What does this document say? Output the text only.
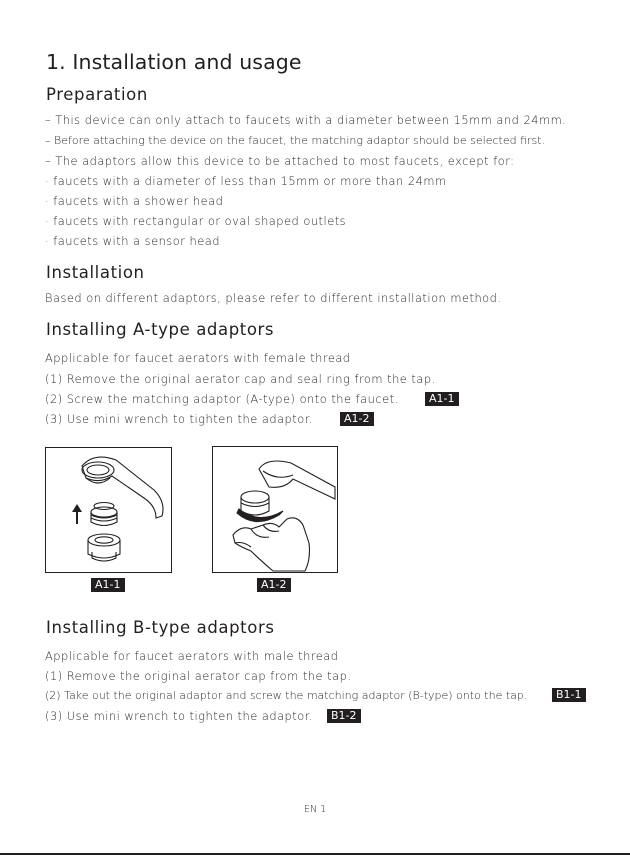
1. Installation and usage
Preparation
– This device can only attach to faucets with a diameter between 15mm and 24mm.
– Before attaching the device on the faucet, the matching adaptor should be selected first.
– The adaptors allow this device to be attached to most faucets, except for:
· faucets with a diameter of less than 15mm or more than 24mm
· faucets with a shower head
· faucets with rectangular or oval shaped outlets
· faucets with a sensor head
Installation
Based on different adaptors, please refer to different installation method.
Installing A-type adaptors
Applicable for faucet aerators with female thread
(1) Remove the original aerator cap and seal ring from the tap.
(2) Screw the matching adaptor (A-type) onto the faucet.	A1-1
(3) Use mini wrench to tighten the adaptor.	A1-2
A1-1	A1-2
Installing B-type adaptors
Applicable for faucet aerators with male thread
(1) Remove the original aerator cap from the tap.
(2) Take out the original adaptor and screw the matching adaptor (B-type) onto the tap.	B1-1
(3) Use mini wrench to tighten the adaptor.	B1-2
EN 1
